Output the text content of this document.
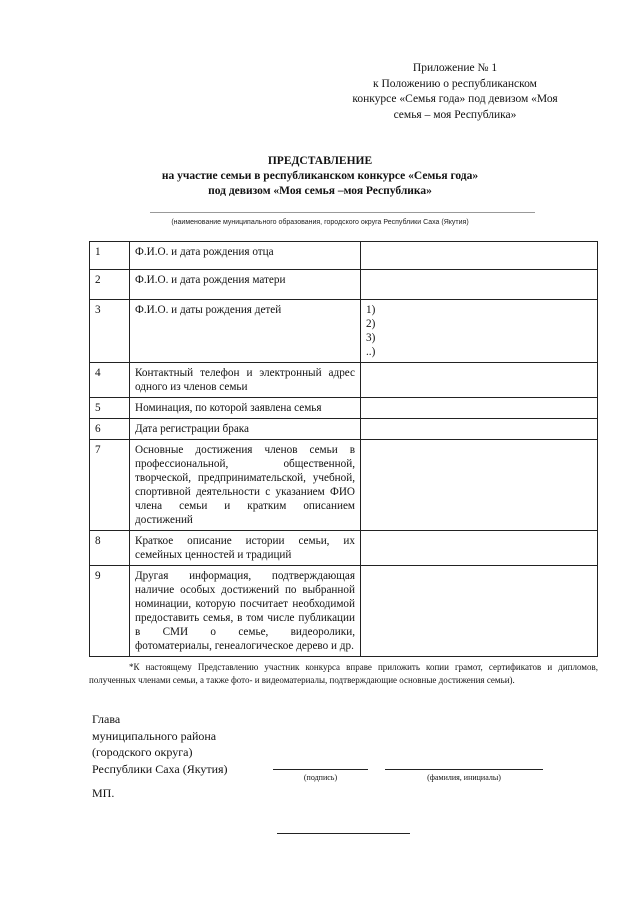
Приложение № 1
к Положению о республиканском
конкурсе «Семья года» под девизом «Моя
семья – моя Республика»
ПРЕДСТАВЛЕНИЕ
на участие семьи в республиканском конкурсе «Семья года»
под девизом «Моя семья –моя Республика»
(наименование муниципального образования, городского округа Республики Саха (Якутия)
1	Ф.И.О. и дата рождения отца	
2	Ф.И.О. и дата рождения матери	
3	Ф.И.О. и даты рождения детей	1)
2)
3)
..)

4	Контактный телефон и электронный адрес одного из членов семьи	
5	Номинация, по которой заявлена семья	
6	Дата регистрации брака	
7	Основные достижения членов семьи в профессиональной, общественной, творческой, предпринимательской, учебной, спортивной деятельности с указанием ФИО члена семьи и кратким описанием достижений	
8	Краткое описание истории семьи, их семейных ценностей и традиций	
9	Другая информация, подтверждающая наличие особых достижений по выбранной номинации, которую посчитает необходимой предоставить семья, в том числе публикации в СМИ о семье, видеоролики, фотоматериалы, генеалогическое дерево и др.	
*К настоящему Представлению участник конкурса вправе приложить копии грамот, сертификатов и дипломов, полученных членами семьи, а также фото- и видеоматериалы, подтверждающие основные достижения семьи).
Глава
муниципального района
(городского округа)
Республики Саха (Якутия)
(подпись)	(фамилия, инициалы)
МП.
